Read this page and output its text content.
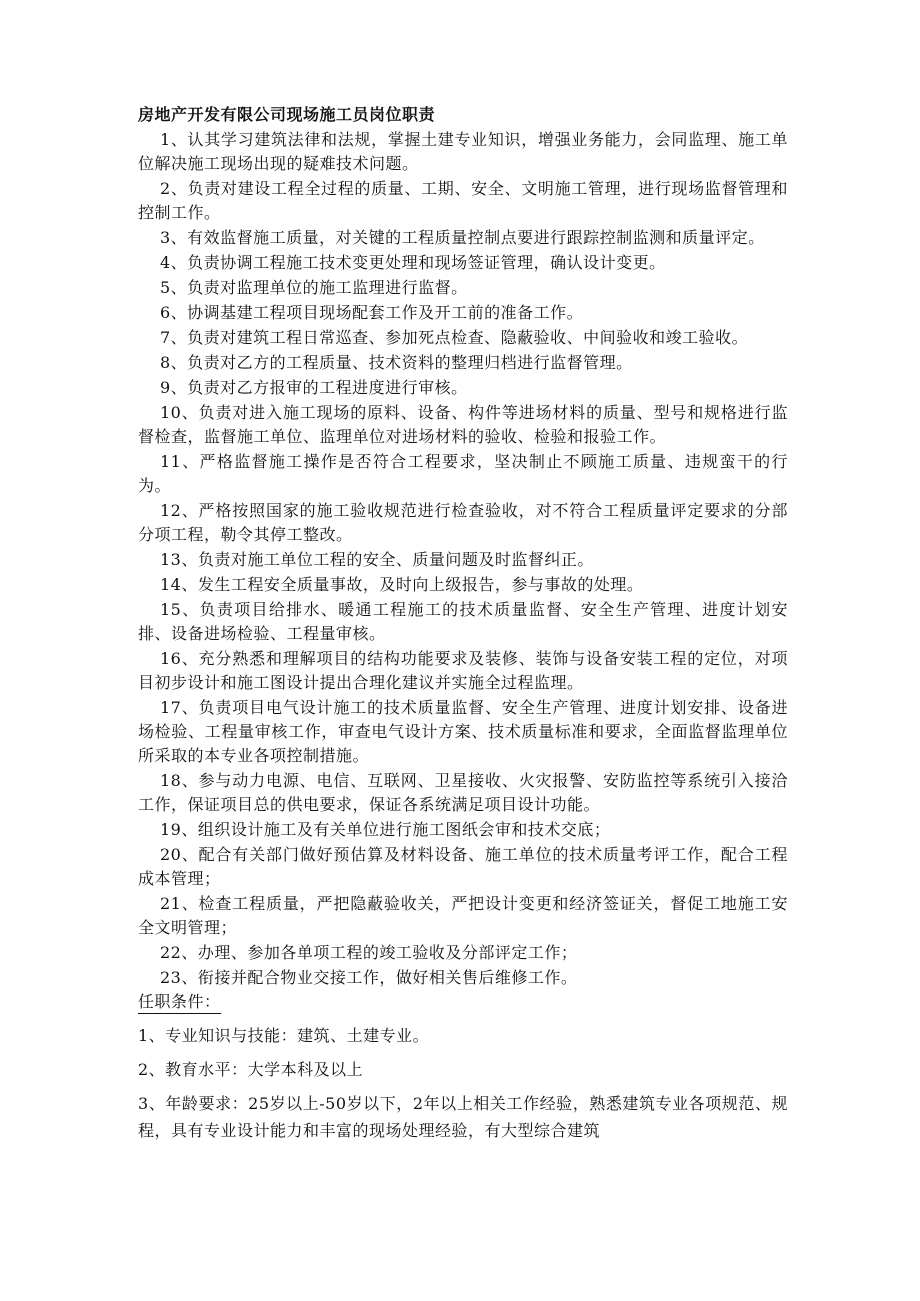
房地产开发有限公司现场施工员岗位职责

1、认其学习建筑法律和法规，掌握土建专业知识，增强业务能力，会同监理、施工单位解决施工现场出现的疑难技术问题。

2、负责对建设工程全过程的质量、工期、安全、文明施工管理，进行现场监督管理和控制工作。

3、有效监督施工质量，对关键的工程质量控制点要进行跟踪控制监测和质量评定。

4、负责协调工程施工技术变更处理和现场签证管理，确认设计变更。

5、负责对监理单位的施工监理进行监督。

6、协调基建工程项目现场配套工作及开工前的准备工作。

7、负责对建筑工程日常巡查、参加死点检查、隐蔽验收、中间验收和竣工验收。

8、负责对乙方的工程质量、技术资料的整理归档进行监督管理。

9、负责对乙方报审的工程进度进行审核。

10、负责对进入施工现场的原料、设备、构件等进场材料的质量、型号和规格进行监督检查，监督施工单位、监理单位对进场材料的验收、检验和报验工作。

11、严格监督施工操作是否符合工程要求，坚决制止不顾施工质量、违规蛮干的行为。

12、严格按照国家的施工验收规范进行检查验收，对不符合工程质量评定要求的分部分项工程，勒令其停工整改。

13、负责对施工单位工程的安全、质量问题及时监督纠正。

14、发生工程安全质量事故，及时向上级报告，参与事故的处理。

15、负责项目给排水、暖通工程施工的技术质量监督、安全生产管理、进度计划安排、设备进场检验、工程量审核。

16、充分熟悉和理解项目的结构功能要求及装修、装饰与设备安装工程的定位，对项目初步设计和施工图设计提出合理化建议并实施全过程监理。

17、负责项目电气设计施工的技术质量监督、安全生产管理、进度计划安排、设备进场检验、工程量审核工作，审查电气设计方案、技术质量标准和要求，全面监督监理单位所采取的本专业各项控制措施。

18、参与动力电源、电信、互联网、卫星接收、火灾报警、安防监控等系统引入接洽工作，保证项目总的供电要求，保证各系统满足项目设计功能。

19、组织设计施工及有关单位进行施工图纸会审和技术交底；

20、配合有关部门做好预估算及材料设备、施工单位的技术质量考评工作，配合工程成本管理；

21、检查工程质量，严把隐蔽验收关，严把设计变更和经济签证关，督促工地施工安全文明管理；

22、办理、参加各单项工程的竣工验收及分部评定工作；

23、衔接并配合物业交接工作，做好相关售后维修工作。

任职条件：

1、专业知识与技能：建筑、土建专业。

2、教育水平：大学本科及以上

3、年龄要求：25岁以上-50岁以下，2年以上相关工作经验，熟悉建筑专业各项规范、规程，具有专业设计能力和丰富的现场处理经验，有大型综合建筑
